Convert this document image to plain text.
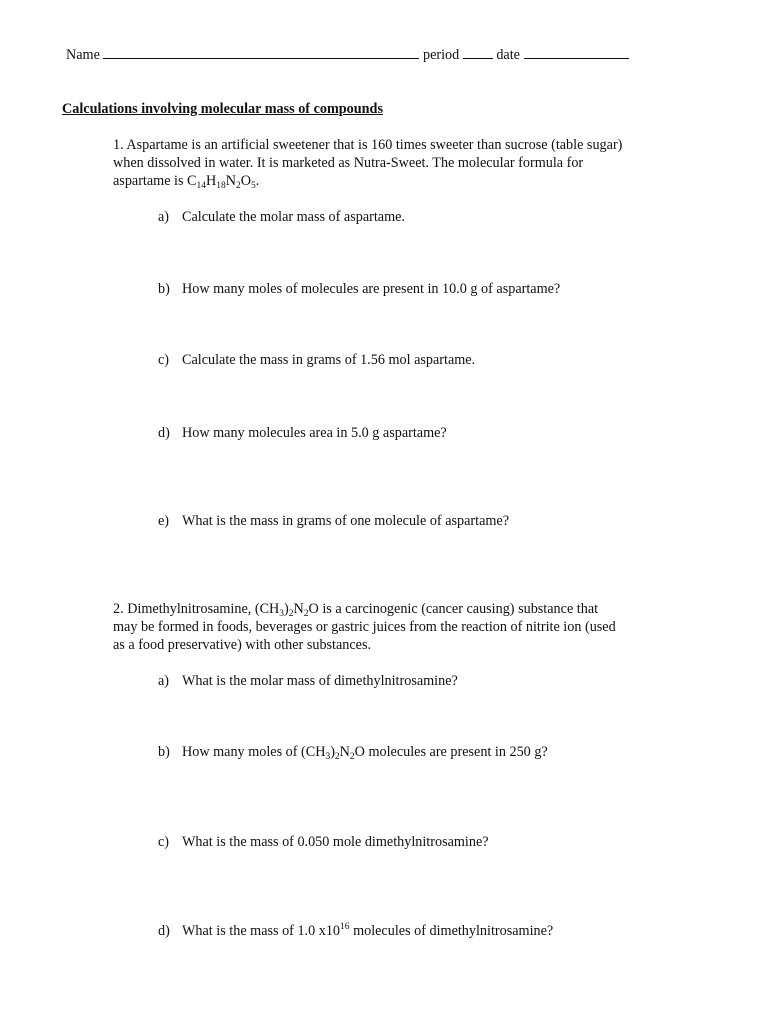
Name	period	date
Calculations involving molecular mass of compounds
1. Aspartame is an artificial sweetener that is 160 times sweeter than sucrose (table sugar)
when dissolved in water. It is marketed as Nutra-Sweet. The molecular formula for
aspartame is $C_{14}H_{18}N_2O_5$.
a) Calculate the molar mass of aspartame.
b) How many moles of molecules are present in 10.0 g of aspartame?
c) Calculate the mass in grams of 1.56 mol aspartame.
d) How many molecules area in 5.0 g aspartame?
e) What is the mass in grams of one molecule of aspartame?
2. Dimethylnitrosamine, $(CH_3)_2N_2O$ is a carcinogenic (cancer causing) substance that
may be formed in foods, beverages or gastric juices from the reaction of nitrite ion (used
as a food preservative) with other substances.
a) What is the molar mass of dimethylnitrosamine?
b) How many moles of $(CH_3)_2N_2O$ molecules are present in 250 g?
c) What is the mass of 0.050 mole dimethylnitrosamine?
d) What is the mass of 1.0 $x10^{16}$ molecules of dimethylnitrosamine?
